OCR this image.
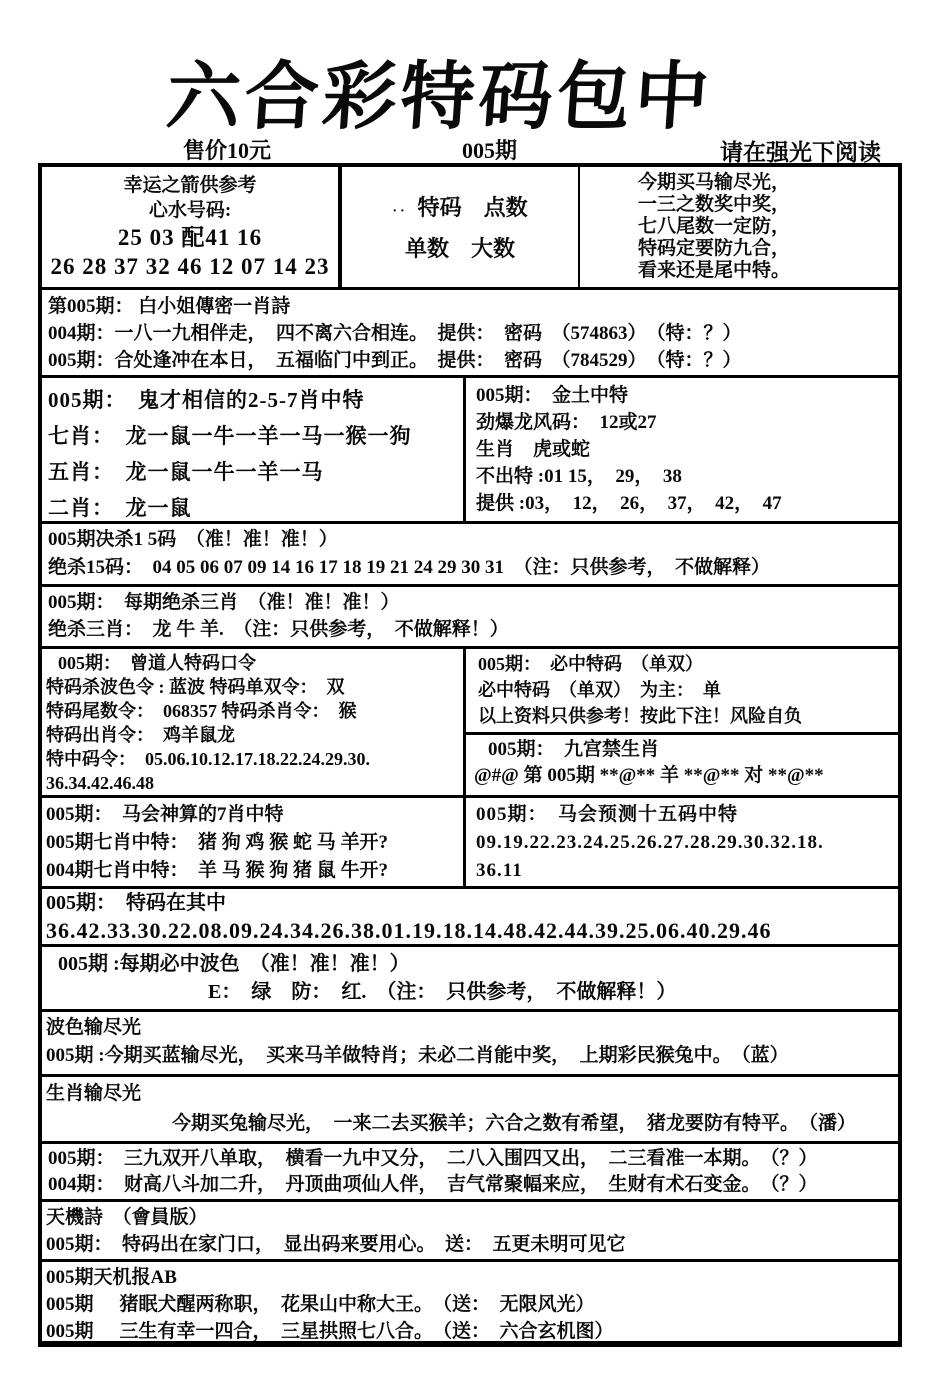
六合彩特码包中
售价10元	005期	请在强光下阅读
幸运之箭供参考
心水号码:
25 03 配41 16
26 28 37 32 46 12 07 14 23
·· 特码　点数
单数　大数
今期买马输尽光，
一三之数奖中奖，
七八尾数一定防，
特码定要防九合，
看来还是尾中特。
第005期： 白小姐傳密一肖詩
004期：一八一九相伴走，　四不离六合相连。　提供：　密码　（574863）　（特：？）
005期：合处逢冲在本日，　五福临门中到正。　提供：　密码　（784529）　（特：？）
005期：　鬼才相信的2-5-7肖中特
七肖：　龙一鼠一牛一羊一马一猴一狗
五肖：　龙一鼠一牛一羊一马
二肖：　龙一鼠
005期：　金土中特
劲爆龙风码：　12或27
生肖　虎或蛇
不出特 :01 15，　29，　38
提供 :03，　12，　26，　37，　42，　47
005期决杀1 5码　（准！准！准！）
绝杀15码：　04 05 06 07 09 14 16 17 18 19 21 24 29 30 31　（注：只供参考，　不做解释）
005期：　每期绝杀三肖　（准！准！准！）
绝杀三肖：　龙 牛 羊.　（注：只供参考，　不做解释！）
005期：　曾道人特码口令
特码杀波色令 : 蓝波 特码单双令：　双
特码尾数令：　068357 特码杀肖令：　猴
特码出肖令：　鸡羊鼠龙
特中码令：　05.06.10.12.17.18.22.24.29.30.
36.34.42.46.48
005期：　必中特码　（单双）
必中特码　（单双）　为主：　单
以上资料只供参考！按此下注！风险自负
005期：　九宫禁生肖
@#@ 第 005期 **@** 羊 **@** 对 **@**
005期：　马会神算的7肖中特
005期七肖中特：　猪 狗 鸡 猴 蛇 马 羊开?
004期七肖中特：　羊 马 猴 狗 猪 鼠 牛开?
005期：　马会预测十五码中特
09.19.22.23.24.25.26.27.28.29.30.32.18.
36.11
005期：　特码在其中
36.42.33.30.22.08.09.24.34.26.38.01.19.18.14.48.42.44.39.25.06.40.29.46
005期 :每期必中波色　（准！准！准！）
E：　绿　防：　红.　（注：　只供参考，　不做解释！）
波色输尽光
005期 :今期买蓝输尽光，　买来马羊做特肖；未必二肖能中奖，　上期彩民猴兔中。　（蓝）
生肖输尽光
今期买兔输尽光，　一来二去买猴羊；六合之数有希望，　猪龙要防有特平。　（潘）
005期：　三九双开八单取，　横看一九中又分，　二八入围四又出，　二三看准一本期。　（？）
004期：　财高八斗加二升，　丹顶曲项仙人伴，　吉气常聚幅来应，　生财有术石变金。　（？）
天機詩　（會員版）
005期：　特码出在家门口，　显出码来要用心。　送：　五更未明可见它
005期天机报AB
005期 猪眠犬醒两称职，　花果山中称大王。　（送：　无限风光）
005期 三生有幸一四合，　三星拱照七八合。　（送：　六合玄机图）
